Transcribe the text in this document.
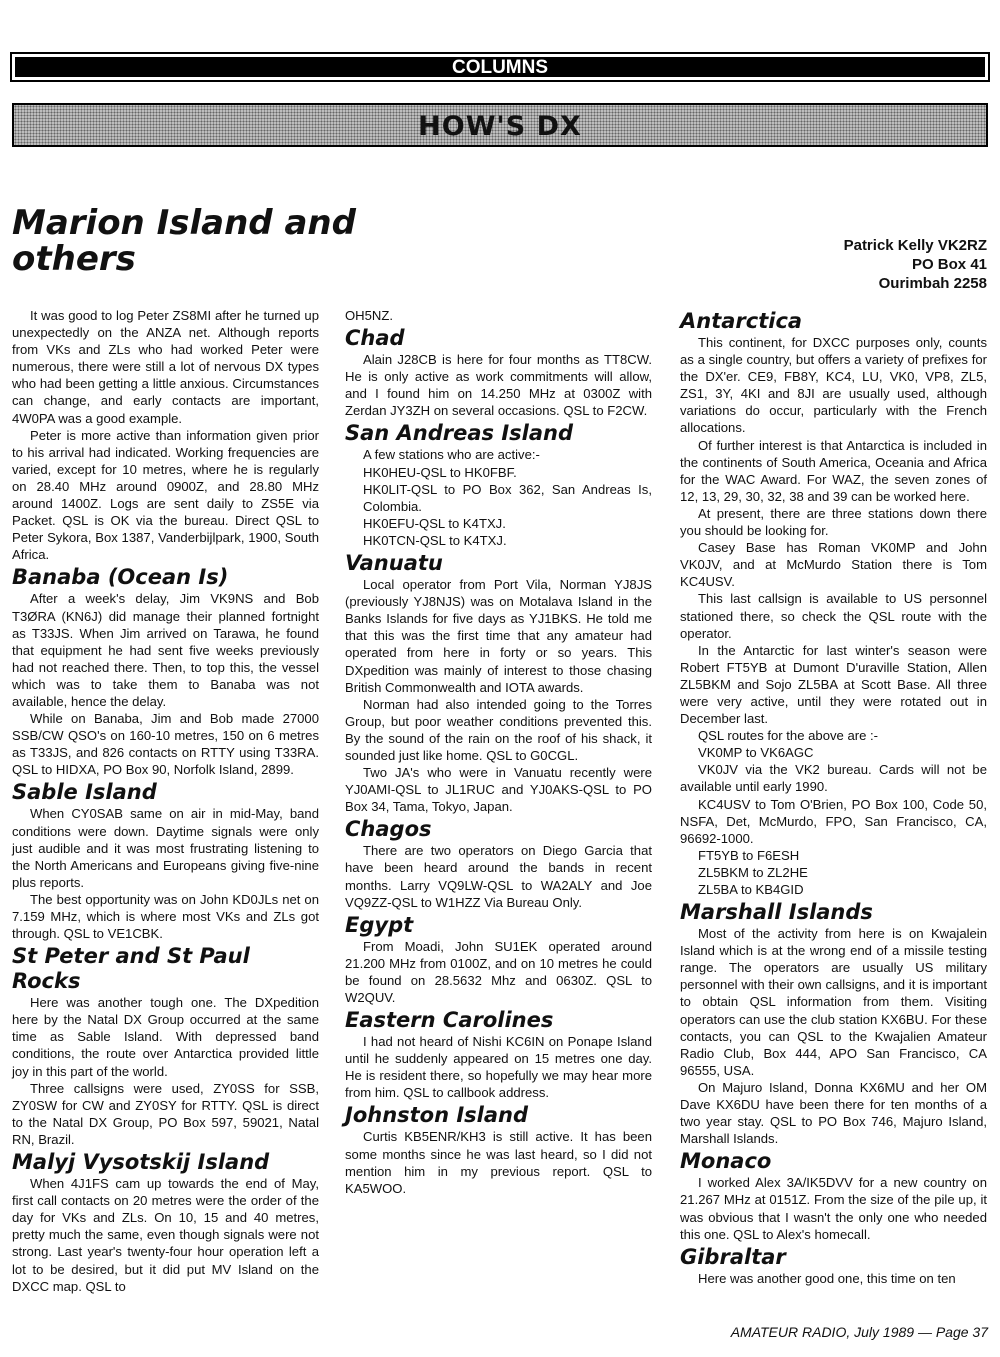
COLUMNS
HOW'S DX
Marion Island and others	Patrick Kelly VK2RZ
PO Box 41
Ourimbah 2258

It was good to log Peter ZS8MI after he turned up unexpectedly on the ANZA net. Although reports from VKs and ZLs who had worked Peter were numerous, there were still a lot of nervous DX types who had been getting a little anxious. Circumstances can change, and early contacts are important, 4W0PA was a good example.

Peter is more active than information given prior to his arrival had indicated. Working frequencies are varied, except for 10 metres, where he is regularly on 28.40 MHz around 0900Z, and 28.80 MHz around 1400Z. Logs are sent daily to ZS5E via Packet. QSL is OK via the bureau. Direct QSL to Peter Sykora, Box 1387, Vanderbijlpark, 1900, South Africa.

Banaba (Ocean Is)

After a week's delay, Jim VK9NS and Bob T3ØRA (KN6J) did manage their planned fortnight as T33JS. When Jim arrived on Tarawa, he found that equipment he had sent five weeks previously had not reached there. Then, to top this, the vessel which was to take them to Banaba was not available, hence the delay.

While on Banaba, Jim and Bob made 27000 SSB/CW QSO's on 160-10 metres, 150 on 6 metres as T33JS, and 826 contacts on RTTY using T33RA. QSL to HIDXA, PO Box 90, Norfolk Island, 2899.

Sable Island

When CY0SAB same on air in mid-May, band conditions were down. Daytime signals were only just audible and it was most frustrating listening to the North Americans and Europeans giving five-nine plus reports.

The best opportunity was on John KD0JLs net on 7.159 MHz, which is where most VKs and ZLs got through. QSL to VE1CBK.

St Peter and St Paul Rocks

Here was another tough one. The DXpedition here by the Natal DX Group occurred at the same time as Sable Island. With depressed band conditions, the route over Antarctica provided little joy in this part of the world.

Three callsigns were used, ZY0SS for SSB, ZY0SW for CW and ZY0SY for RTTY. QSL is direct to the Natal DX Group, PO Box 597, 59021, Natal RN, Brazil.

Malyj Vysotskij Island

When 4J1FS cam up towards the end of May, first call contacts on 20 metres were the order of the day for VKs and ZLs. On 10, 15 and 40 metres, pretty much the same, even though signals were not strong. Last year's twenty-four hour operation left a lot to be desired, but it did put MV Island on the DXCC map. QSL to

OH5NZ.

Chad

Alain J28CB is here for four months as TT8CW. He is only active as work commitments will allow, and I found him on 14.250 MHz at 0300Z with Zerdan JY3ZH on several occasions. QSL to F2CW.

San Andreas Island

A few stations who are active:-

HK0HEU-QSL to HK0FBF.

HK0LIT-QSL to PO Box 362, San Andreas Is, Colombia.

HK0EFU-QSL to K4TXJ.

HK0TCN-QSL to K4TXJ.

Vanuatu

Local operator from Port Vila, Norman YJ8JS (previously YJ8NJS) was on Motalava Island in the Banks Islands for five days as YJ1BKS. He told me that this was the first time that any amateur had operated from here in forty or so years. This DXpedition was mainly of interest to those chasing British Commonwealth and IOTA awards.

Norman had also intended going to the Torres Group, but poor weather conditions prevented this. By the sound of the rain on the roof of his shack, it sounded just like home. QSL to G0CGL.

Two JA's who were in Vanuatu recently were YJ0AMI-QSL to JL1RUC and YJ0AKS-QSL to PO Box 34, Tama, Tokyo, Japan.

Chagos

There are two operators on Diego Garcia that have been heard around the bands in recent months. Larry VQ9LW-QSL to WA2ALY and Joe VQ9ZZ-QSL to W1HZZ Via Bureau Only.

Egypt

From Moadi, John SU1EK operated around 21.200 MHz from 0100Z, and on 10 metres he could be found on 28.5632 Mhz and 0630Z. QSL to W2QUV.

Eastern Carolines

I had not heard of Nishi KC6IN on Ponape Island until he suddenly appeared on 15 metres one day. He is resident there, so hopefully we may hear more from him. QSL to callbook address.

Johnston Island

Curtis KB5ENR/KH3 is still active. It has been some months since he was last heard, so I did not mention him in my previous report. QSL to KA5WOO.

Antarctica

This continent, for DXCC purposes only, counts as a single country, but offers a variety of prefixes for the DX'er. CE9, FB8Y, KC4, LU, VK0, VP8, ZL5, ZS1, 3Y, 4KI and 8JI are usually used, although variations do occur, particularly with the French allocations.

Of further interest is that Antarctica is included in the continents of South America, Oceania and Africa for the WAC Award. For WAZ, the seven zones of 12, 13, 29, 30, 32, 38 and 39 can be worked here.

At present, there are three stations down there you should be looking for.

Casey Base has Roman VK0MP and John VK0JV, and at McMurdo Station there is Tom KC4USV.

This last callsign is available to US personnel stationed there, so check the QSL route with the operator.

In the Antarctic for last winter's season were Robert FT5YB at Dumont D'uraville Station, Allen ZL5BKM and Sojo ZL5BA at Scott Base. All three were very active, until they were rotated out in December last.

QSL routes for the above are :-

VK0MP to VK6AGC

VK0JV via the VK2 bureau. Cards will not be available until early 1990.

KC4USV to Tom O'Brien, PO Box 100, Code 50, NSFA, Det, McMurdo, FPO, San Francisco, CA, 96692-1000.

FT5YB to F6ESH

ZL5BKM to ZL2HE

ZL5BA to KB4GID

Marshall Islands

Most of the activity from here is on Kwajalein Island which is at the wrong end of a missile testing range. The operators are usually US military personnel with their own callsigns, and it is important to obtain QSL information from them. Visiting operators can use the club station KX6BU. For these contacts, you can QSL to the Kwajalien Amateur Radio Club, Box 444, APO San Francisco, CA 96555, USA.

On Majuro Island, Donna KX6MU and her OM Dave KX6DU have been there for ten months of a two year stay. QSL to PO Box 746, Majuro Island, Marshall Islands.

Monaco

I worked Alex 3A/IK5DVV for a new country on 21.267 MHz at 0151Z. From the size of the pile up, it was obvious that I wasn't the only one who needed this one. QSL to Alex's homecall.

Gibraltar

Here was another good one, this time on ten

AMATEUR RADIO, July 1989 — Page 37
